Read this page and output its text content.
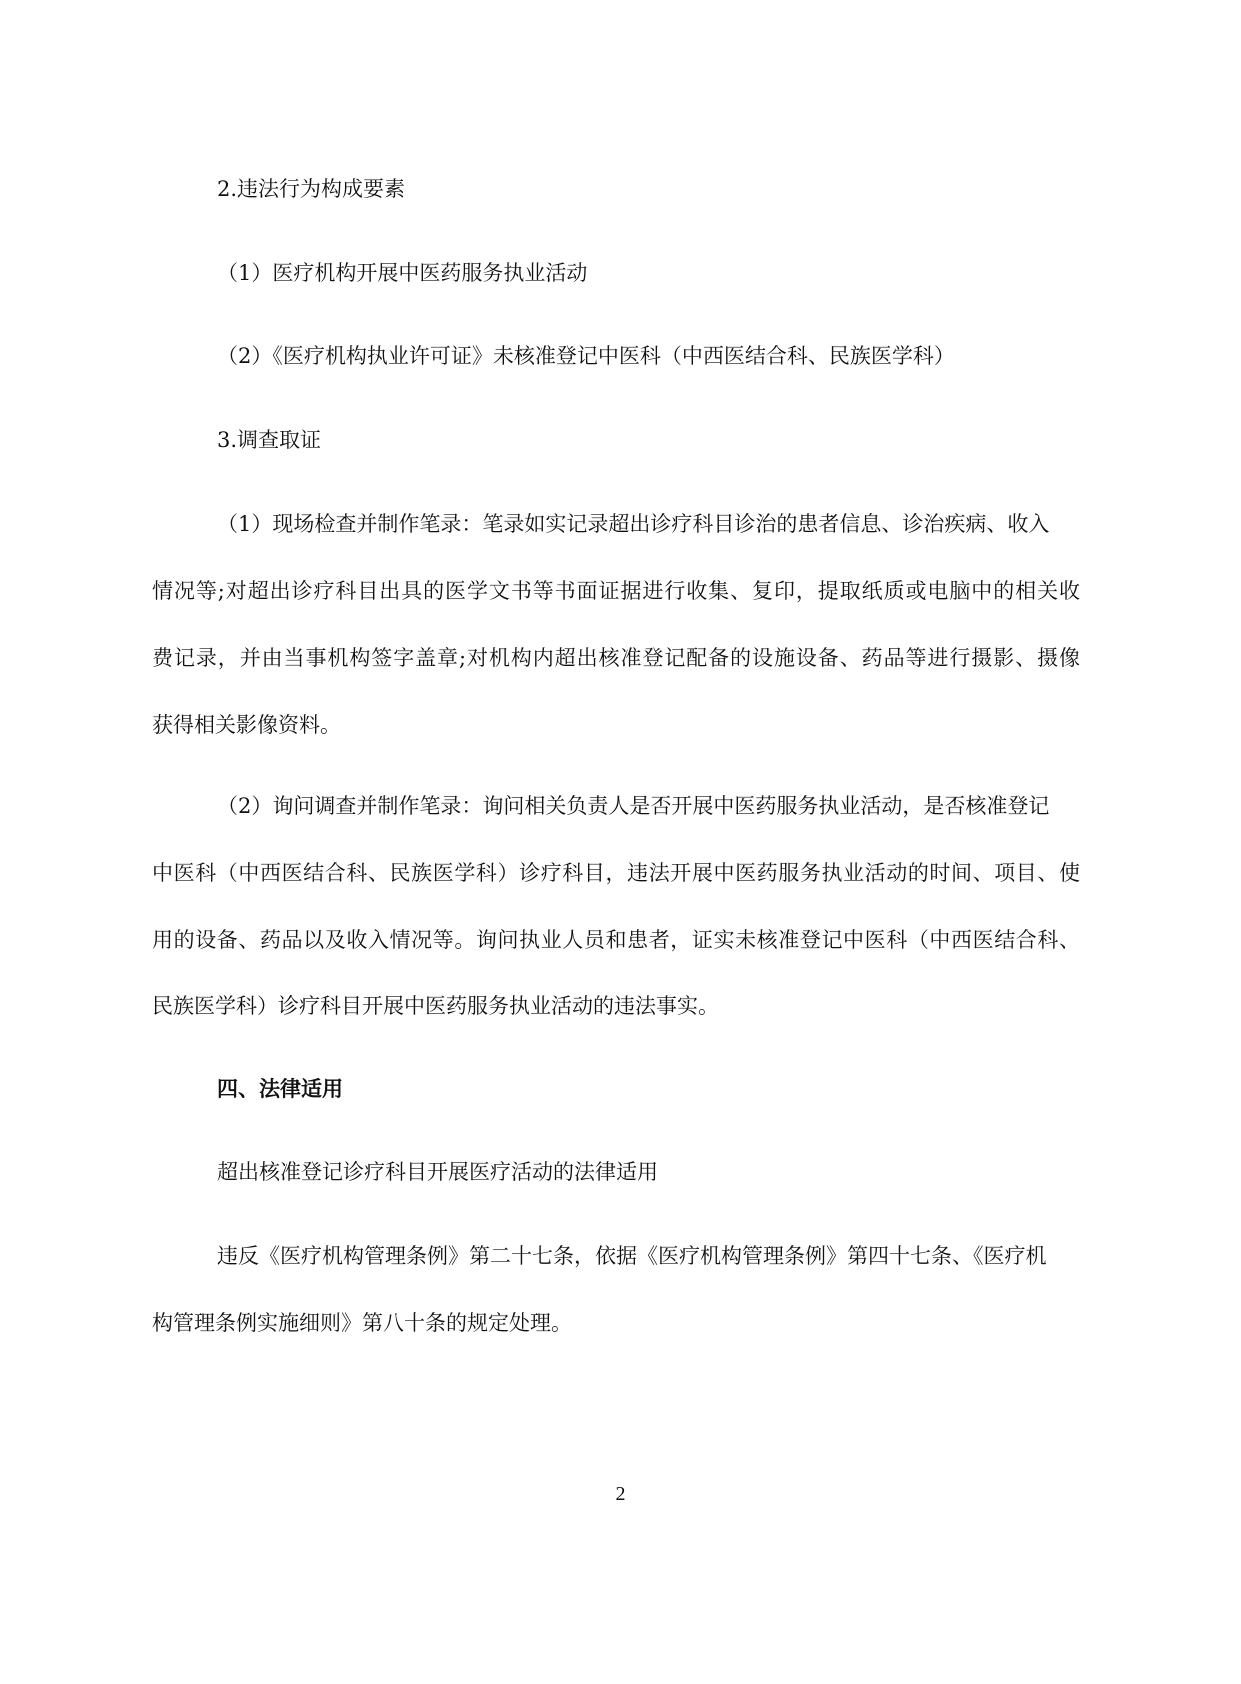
2.违法行为构成要素

（1）医疗机构开展中医药服务执业活动

（2）《医疗机构执业许可证》未核准登记中医科（中西医结合科、民族医学科）

3.调查取证

（1）现场检查并制作笔录：笔录如实记录超出诊疗科目诊治的患者信息、诊治疾病、收入

情况等;对超出诊疗科目出具的医学文书等书面证据进行收集、复印，提取纸质或电脑中的相关收

费记录，并由当事机构签字盖章;对机构内超出核准登记配备的设施设备、药品等进行摄影、摄像

获得相关影像资料。

（2）询问调查并制作笔录：询问相关负责人是否开展中医药服务执业活动，是否核准登记

中医科（中西医结合科、民族医学科）诊疗科目，违法开展中医药服务执业活动的时间、项目、使

用的设备、药品以及收入情况等。询问执业人员和患者，证实未核准登记中医科（中西医结合科、

民族医学科）诊疗科目开展中医药服务执业活动的违法事实。

四、法律适用

超出核准登记诊疗科目开展医疗活动的法律适用

违反《医疗机构管理条例》第二十七条，依据《医疗机构管理条例》第四十七条、《医疗机

构管理条例实施细则》第八十条的规定处理。

2
